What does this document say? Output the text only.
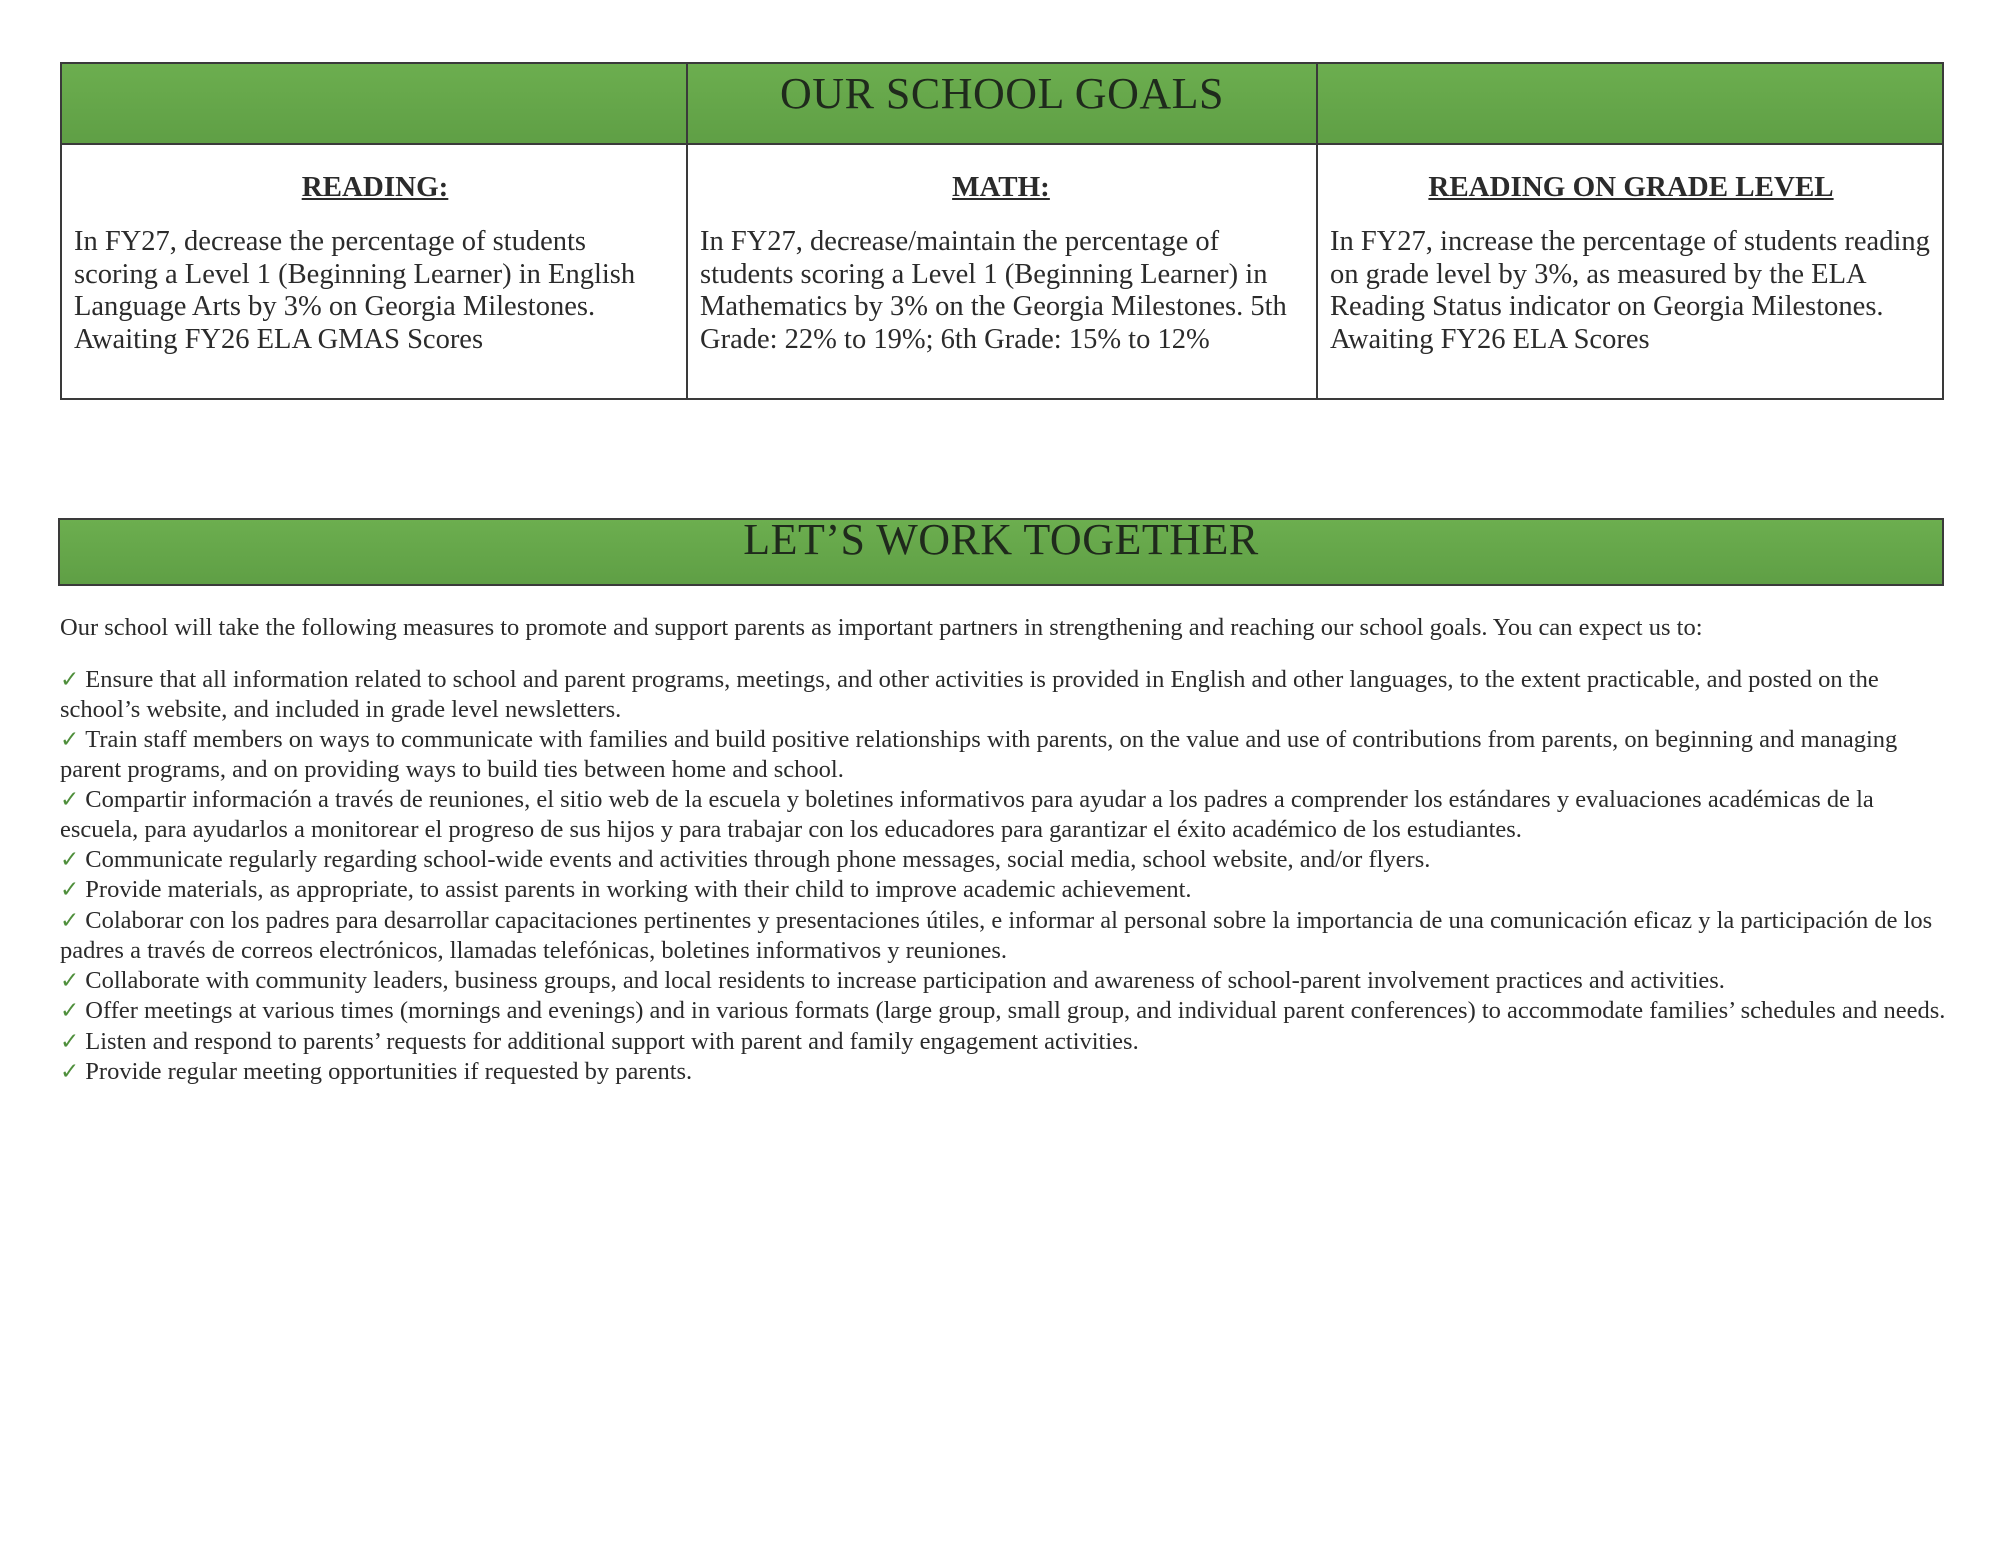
OUR SCHOOL GOALS
READING:
In FY27, decrease the percentage of students scoring a Level 1 (Beginning Learner) in English Language Arts by 3% on Georgia Milestones. Awaiting FY26 ELA GMAS Scores
MATH:
In FY27, decrease/maintain the percentage of students scoring a Level 1 (Beginning Learner) in Mathematics by 3% on the Georgia Milestones. 5th Grade: 22% to 19%; 6th Grade: 15% to 12%
READING ON GRADE LEVEL
In FY27, increase the percentage of students reading on grade level by 3%, as measured by the ELA Reading Status indicator on Georgia Milestones. Awaiting FY26 ELA Scores
LET’S WORK TOGETHER

Our school will take the following measures to promote and support parents as important partners in strengthening and reaching our school goals. You can expect us to:

✓ Ensure that all information related to school and parent programs, meetings, and other activities is provided in English and other languages, to the extent practicable, and posted on the school’s website, and included in grade level newsletters.

✓ Train staff members on ways to communicate with families and build positive relationships with parents, on the value and use of contributions from parents, on beginning and managing parent programs, and on providing ways to build ties between home and school.

✓ Compartir información a través de reuniones, el sitio web de la escuela y boletines informativos para ayudar a los padres a comprender los estándares y evaluaciones académicas de la escuela, para ayudarlos a monitorear el progreso de sus hijos y para trabajar con los educadores para garantizar el éxito académico de los estudiantes.

✓ Communicate regularly regarding school-wide events and activities through phone messages, social media, school website, and/or flyers.

✓ Provide materials, as appropriate, to assist parents in working with their child to improve academic achievement.

✓ Colaborar con los padres para desarrollar capacitaciones pertinentes y presentaciones útiles, e informar al personal sobre la importancia de una comunicación eficaz y la participación de los padres a través de correos electrónicos, llamadas telefónicas, boletines informativos y reuniones.

✓ Collaborate with community leaders, business groups, and local residents to increase participation and awareness of school-parent involvement practices and activities.

✓ Offer meetings at various times (mornings and evenings) and in various formats (large group, small group, and individual parent conferences) to accommodate families’ schedules and needs.

✓ Listen and respond to parents’ requests for additional support with parent and family engagement activities.

✓ Provide regular meeting opportunities if requested by parents.
